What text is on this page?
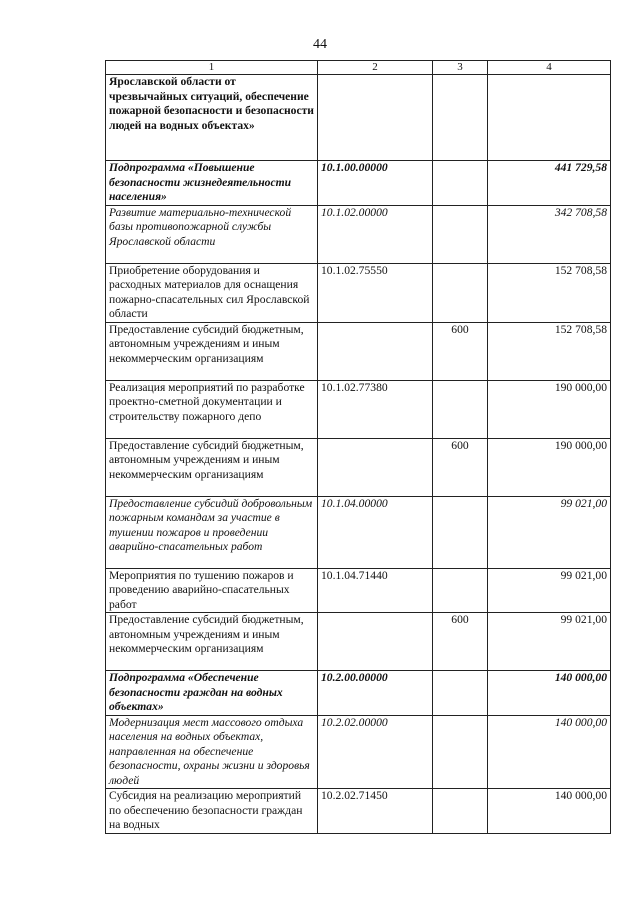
44
1	2	3	4
Ярославской области от чрезвычайных ситуаций, обеспечение пожарной безопасности и безопасности людей на водных объектах»			
Подпрограмма «Повышение безопасности жизнедеятельности населения»	10.1.00.00000		441 729,58
Развитие материально-технической базы противопожарной службы Ярославской области	10.1.02.00000		342 708,58
Приобретение оборудования и расходных материалов для оснащения пожарно-спасательных сил Ярославской области	10.1.02.75550		152 708,58
Предоставление субсидий бюджетным, автономным учреждениям и иным некоммерческим организациям		600	152 708,58
Реализация мероприятий по разработке проектно-сметной документации и строительству пожарного депо	10.1.02.77380		190 000,00
Предоставление субсидий бюджетным, автономным учреждениям и иным некоммерческим организациям		600	190 000,00
Предоставление субсидий добровольным пожарным командам за участие в тушении пожаров и проведении аварийно-спасательных работ	10.1.04.00000		99 021,00
Мероприятия по тушению пожаров и проведению аварийно-спасательных работ	10.1.04.71440		99 021,00
Предоставление субсидий бюджетным, автономным учреждениям и иным некоммерческим организациям		600	99 021,00
Подпрограмма «Обеспечение безопасности граждан на водных объектах»	10.2.00.00000		140 000,00
Модернизация мест массового отдыха населения на водных объектах, направленная на обеспечение безопасности, охраны жизни и здоровья людей	10.2.02.00000		140 000,00
Субсидия на реализацию мероприятий по обеспечению безопасности граждан на водных	10.2.02.71450		140 000,00
